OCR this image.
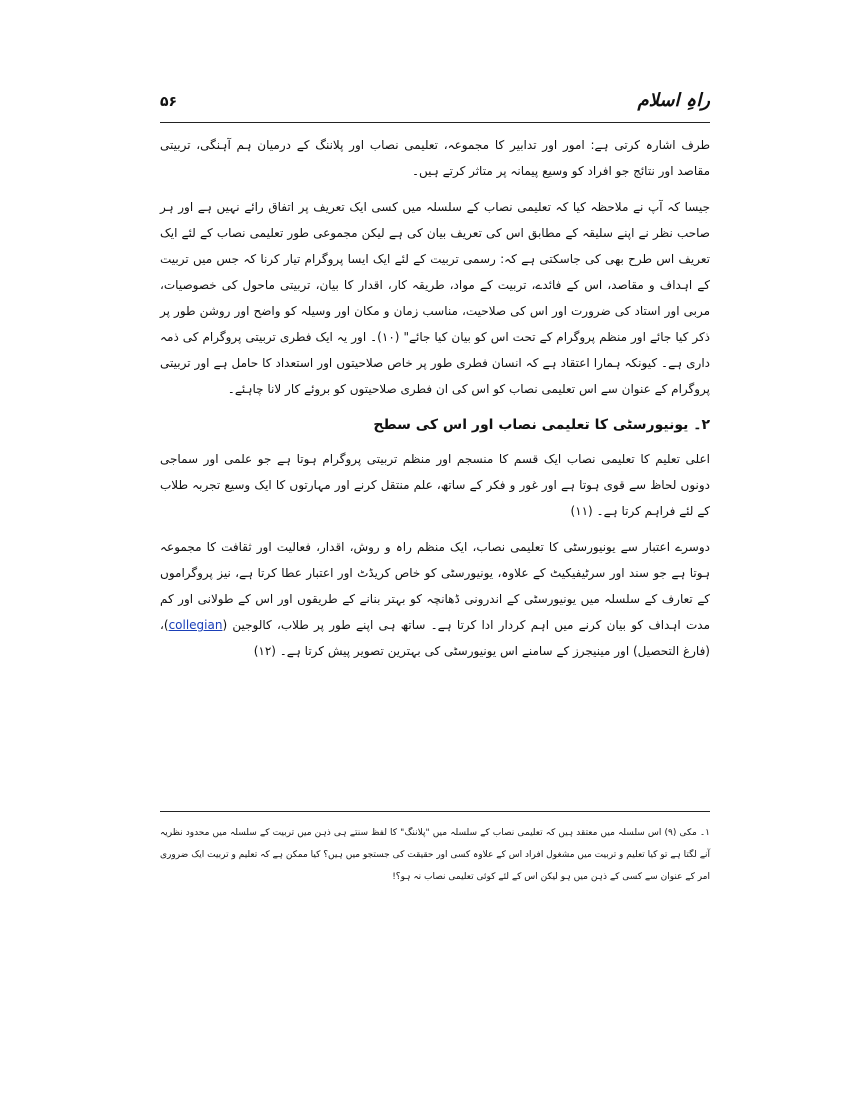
۵۶	راہِ اسلام

طرف اشارہ کرتی ہے: امور اور تدابیر کا مجموعہ، تعلیمی نصاب اور پلاننگ کے درمیان ہم آہنگی، تربیتی مقاصد اور نتائج جو افراد کو وسیع پیمانہ پر متاثر کرتے ہیں۔

جیسا کہ آپ نے ملاحظہ کیا کہ تعلیمی نصاب کے سلسلہ میں کسی ایک تعریف پر اتفاق رائے نہیں ہے اور ہر صاحب نظر نے اپنے سلیقہ کے مطابق اس کی تعریف بیان کی ہے لیکن مجموعی طور تعلیمی نصاب کے لئے ایک تعریف اس طرح بھی کی جاسکتی ہے کہ: رسمی تربیت کے لئے ایک ایسا پروگرام تیار کرنا کہ جس میں تربیت کے اہداف و مقاصد، اس کے فائدے، تربیت کے مواد، طریقہ کار، اقدار کا بیان، تربیتی ماحول کی خصوصیات، مربی اور استاد کی ضرورت اور اس کی صلاحیت، مناسب زمان و مکان اور وسیلہ کو واضح اور روشن طور پر ذکر کیا جائے اور منظم پروگرام کے تحت اس کو بیان کیا جائے" (۱۰)۔ اور یہ ایک فطری تربیتی پروگرام کی ذمہ داری ہے۔ کیونکہ ہمارا اعتقاد ہے کہ انسان فطری طور پر خاص صلاحیتوں اور استعداد کا حامل ہے اور تربیتی پروگرام کے عنوان سے اس تعلیمی نصاب کو اس کی ان فطری صلاحیتوں کو بروئے کار لانا چاہئے۔

۲۔ یونیورسٹی کا تعلیمی نصاب اور اس کی سطح

اعلی تعلیم کا تعلیمی نصاب ایک قسم کا منسجم اور منظم تربیتی پروگرام ہوتا ہے جو علمی اور سماجی دونوں لحاظ سے قوی ہوتا ہے اور غور و فکر کے ساتھ، علم منتقل کرنے اور مہارتوں کا ایک وسیع تجربہ طلاب کے لئے فراہم کرتا ہے۔ (۱۱)

دوسرے اعتبار سے یونیورسٹی کا تعلیمی نصاب، ایک منظم راہ و روش، اقدار، فعالیت اور ثقافت کا مجموعہ ہوتا ہے جو سند اور سرٹیفیکیٹ کے علاوہ، یونیورسٹی کو خاص کریڈٹ اور اعتبار عطا کرتا ہے، نیز پروگراموں کے تعارف کے سلسلہ میں یونیورسٹی کے اندرونی ڈھانچہ کو بہتر بنانے کے طریقوں اور اس کے طولانی اور کم مدت اہداف کو بیان کرنے میں اہم کردار ادا کرتا ہے۔ ساتھ ہی اپنے طور پر طلاب، کالوجین (collegian)، (فارغ التحصیل) اور مینیجرز کے سامنے اس یونیورسٹی کی بہترین تصویر پیش کرتا ہے۔ (۱۲)

۱۔ مکی (۹) اس سلسلہ میں معتقد ہیں کہ تعلیمی نصاب کے سلسلہ میں "پلاننگ" کا لفظ سنتے ہی ذہن میں تربیت کے سلسلہ میں محدود نظریہ آنے لگتا ہے تو کیا تعلیم و تربیت میں مشغول افراد اس کے علاوہ کسی اور حقیقت کی جستجو میں ہیں؟ کیا ممکن ہے کہ تعلیم و تربیت ایک ضروری امر کے عنوان سے کسی کے ذہن میں ہو لیکن اس کے لئے کوئی تعلیمی نصاب نہ ہو؟!
